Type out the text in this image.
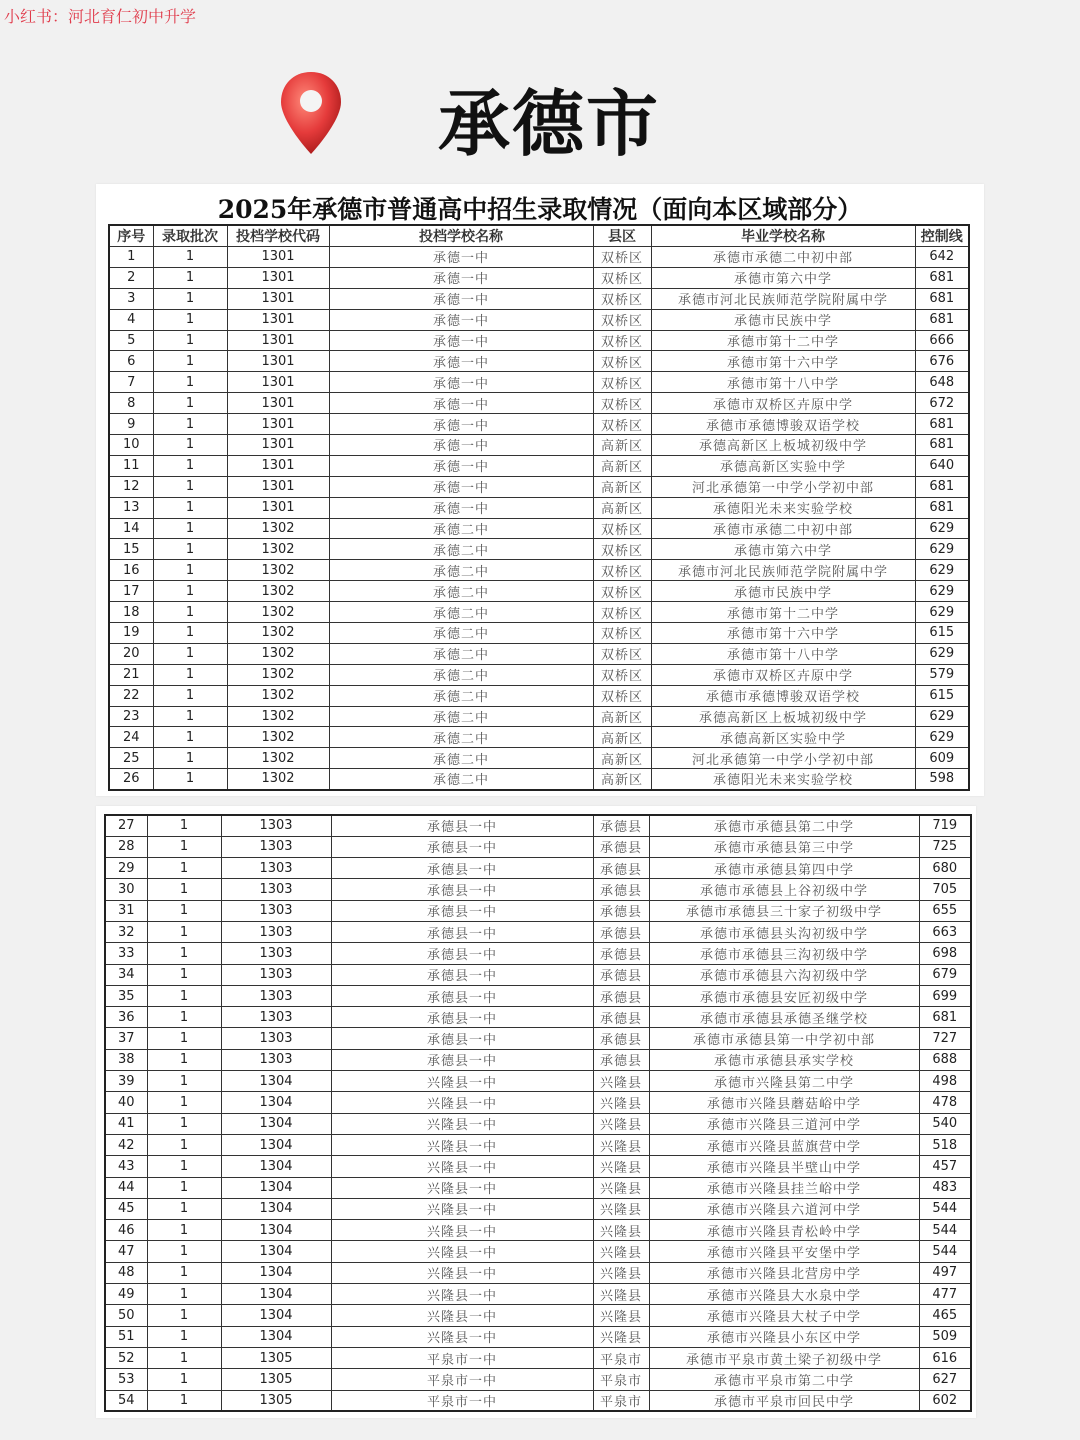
小红书：河北育仁初中升学
承德市
2025年承德市普通高中招生录取情况（面向本区域部分）
序号	录取批次	投档学校代码	投档学校名称	县区	毕业学校名称	控制线
1	1	1301	承德一中	双桥区	承德市承德二中初中部	642
2	1	1301	承德一中	双桥区	承德市第六中学	681
3	1	1301	承德一中	双桥区	承德市河北民族师范学院附属中学	681
4	1	1301	承德一中	双桥区	承德市民族中学	681
5	1	1301	承德一中	双桥区	承德市第十二中学	666
6	1	1301	承德一中	双桥区	承德市第十六中学	676
7	1	1301	承德一中	双桥区	承德市第十八中学	648
8	1	1301	承德一中	双桥区	承德市双桥区卉原中学	672
9	1	1301	承德一中	双桥区	承德市承德博骏双语学校	681
10	1	1301	承德一中	高新区	承德高新区上板城初级中学	681
11	1	1301	承德一中	高新区	承德高新区实验中学	640
12	1	1301	承德一中	高新区	河北承德第一中学小学初中部	681
13	1	1301	承德一中	高新区	承德阳光未来实验学校	681
14	1	1302	承德二中	双桥区	承德市承德二中初中部	629
15	1	1302	承德二中	双桥区	承德市第六中学	629
16	1	1302	承德二中	双桥区	承德市河北民族师范学院附属中学	629
17	1	1302	承德二中	双桥区	承德市民族中学	629
18	1	1302	承德二中	双桥区	承德市第十二中学	629
19	1	1302	承德二中	双桥区	承德市第十六中学	615
20	1	1302	承德二中	双桥区	承德市第十八中学	629
21	1	1302	承德二中	双桥区	承德市双桥区卉原中学	579
22	1	1302	承德二中	双桥区	承德市承德博骏双语学校	615
23	1	1302	承德二中	高新区	承德高新区上板城初级中学	629
24	1	1302	承德二中	高新区	承德高新区实验中学	629
25	1	1302	承德二中	高新区	河北承德第一中学小学初中部	609
26	1	1302	承德二中	高新区	承德阳光未来实验学校	598
27	1	1303	承德县一中	承德县	承德市承德县第二中学	719
28	1	1303	承德县一中	承德县	承德市承德县第三中学	725
29	1	1303	承德县一中	承德县	承德市承德县第四中学	680
30	1	1303	承德县一中	承德县	承德市承德县上谷初级中学	705
31	1	1303	承德县一中	承德县	承德市承德县三十家子初级中学	655
32	1	1303	承德县一中	承德县	承德市承德县头沟初级中学	663
33	1	1303	承德县一中	承德县	承德市承德县三沟初级中学	698
34	1	1303	承德县一中	承德县	承德市承德县六沟初级中学	679
35	1	1303	承德县一中	承德县	承德市承德县安匠初级中学	699
36	1	1303	承德县一中	承德县	承德市承德县承德圣继学校	681
37	1	1303	承德县一中	承德县	承德市承德县第一中学初中部	727
38	1	1303	承德县一中	承德县	承德市承德县承实学校	688
39	1	1304	兴隆县一中	兴隆县	承德市兴隆县第二中学	498
40	1	1304	兴隆县一中	兴隆县	承德市兴隆县蘑菇峪中学	478
41	1	1304	兴隆县一中	兴隆县	承德市兴隆县三道河中学	540
42	1	1304	兴隆县一中	兴隆县	承德市兴隆县蓝旗营中学	518
43	1	1304	兴隆县一中	兴隆县	承德市兴隆县半壁山中学	457
44	1	1304	兴隆县一中	兴隆县	承德市兴隆县挂兰峪中学	483
45	1	1304	兴隆县一中	兴隆县	承德市兴隆县六道河中学	544
46	1	1304	兴隆县一中	兴隆县	承德市兴隆县青松岭中学	544
47	1	1304	兴隆县一中	兴隆县	承德市兴隆县平安堡中学	544
48	1	1304	兴隆县一中	兴隆县	承德市兴隆县北营房中学	497
49	1	1304	兴隆县一中	兴隆县	承德市兴隆县大水泉中学	477
50	1	1304	兴隆县一中	兴隆县	承德市兴隆县大杖子中学	465
51	1	1304	兴隆县一中	兴隆县	承德市兴隆县小东区中学	509
52	1	1305	平泉市一中	平泉市	承德市平泉市黄土梁子初级中学	616
53	1	1305	平泉市一中	平泉市	承德市平泉市第二中学	627
54	1	1305	平泉市一中	平泉市	承德市平泉市回民中学	602
